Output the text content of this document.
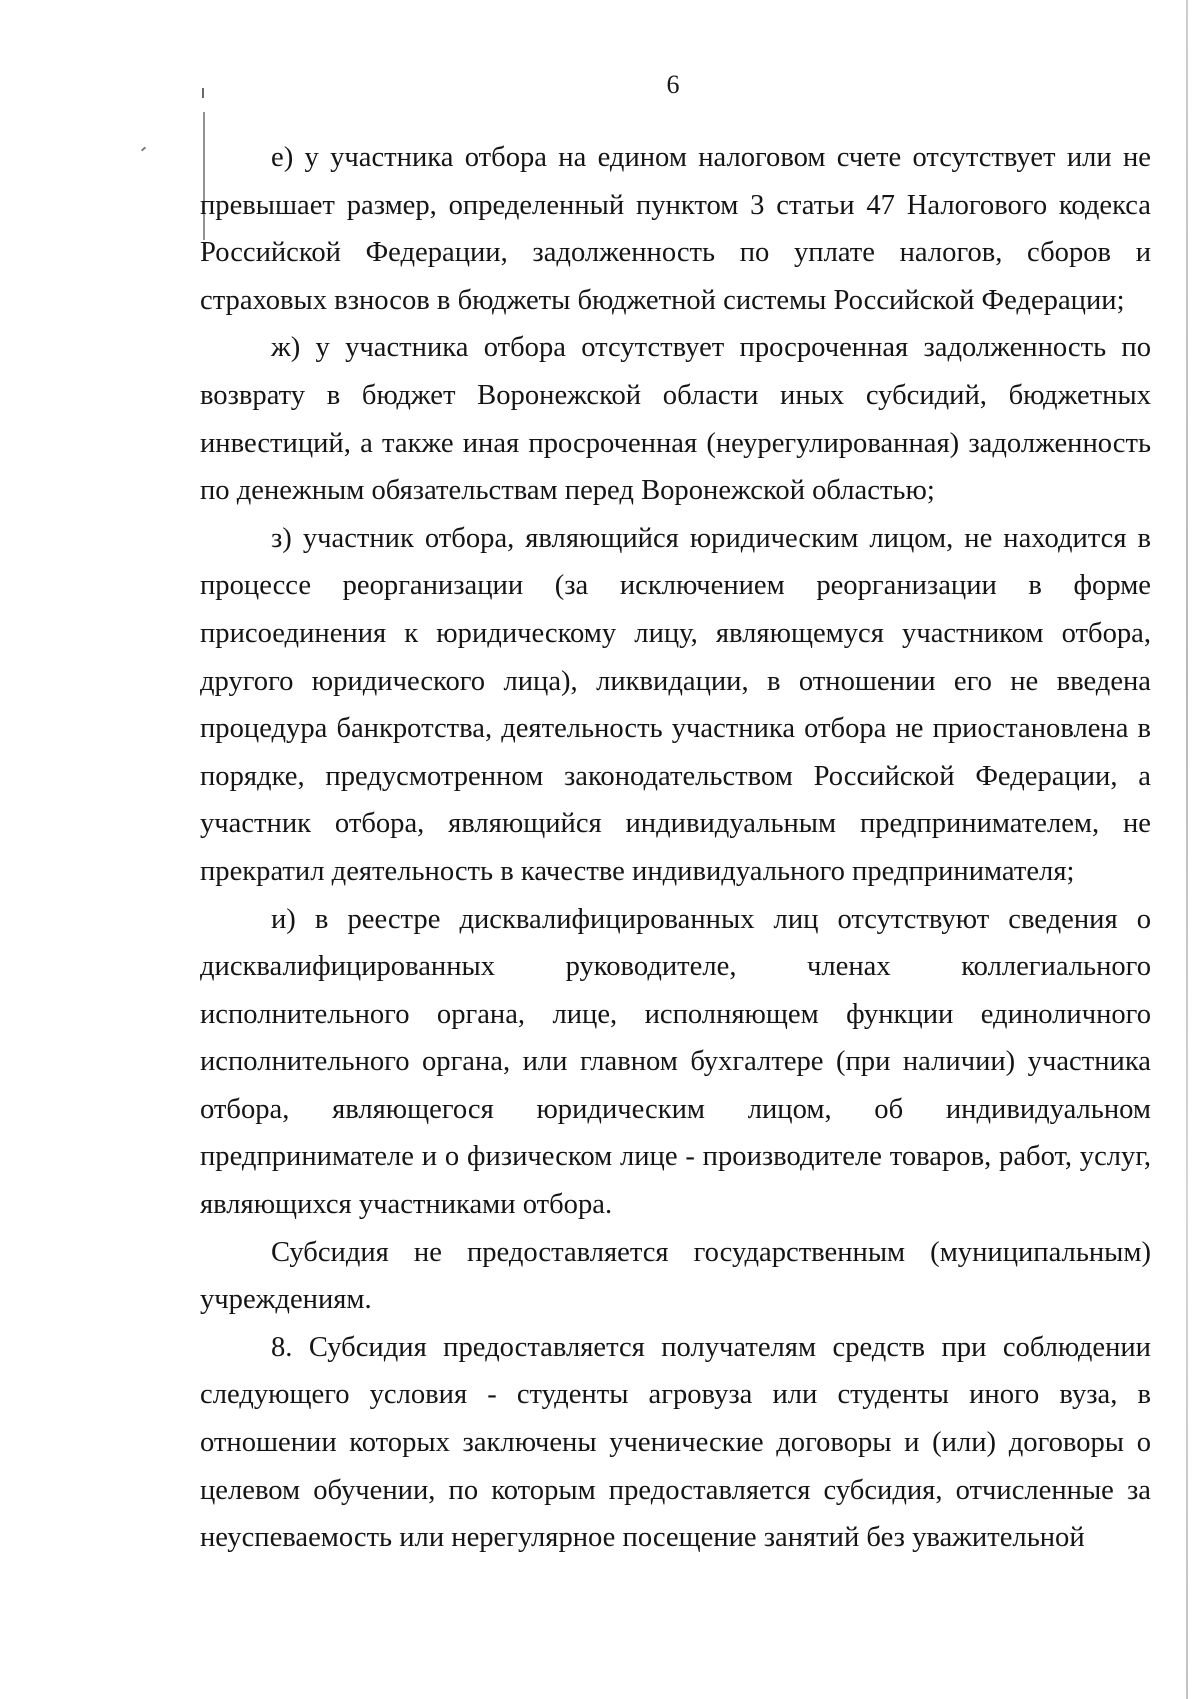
6

е) у участника отбора на едином налоговом счете отсутствует или не превышает размер, определенный пунктом 3 статьи 47 Налогового кодекса Российской Федерации, задолженность по уплате налогов, сборов и страховых взносов в бюджеты бюджетной системы Российской Федерации;

ж) у участника отбора отсутствует просроченная задолженность по возврату в бюджет Воронежской области иных субсидий, бюджетных инвестиций, а также иная просроченная (неурегулированная) задолженность по денежным обязательствам перед Воронежской областью;

з) участник отбора, являющийся юридическим лицом, не находится в процессе реорганизации (за исключением реорганизации в форме присоединения к юридическому лицу, являющемуся участником отбора, другого юридического лица), ликвидации, в отношении его не введена процедура банкротства, деятельность участника отбора не приостановлена в порядке, предусмотренном законодательством Российской Федерации, а участник отбора, являющийся индивидуальным предпринимателем, не прекратил деятельность в качестве индивидуального предпринимателя;

и) в реестре дисквалифицированных лиц отсутствуют сведения о дисквалифицированных руководителе, членах коллегиального исполнительного органа, лице, исполняющем функции единоличного исполнительного органа, или главном бухгалтере (при наличии) участника отбора, являющегося юридическим лицом, об индивидуальном предпринимателе и о физическом лице - производителе товаров, работ, услуг, являющихся участниками отбора.

Субсидия не предоставляется государственным (муниципальным) учреждениям.

8. Субсидия предоставляется получателям средств при соблюдении следующего условия - студенты агровуза или студенты иного вуза, в отношении которых заключены ученические договоры и (или) договоры о целевом обучении, по которым предоставляется субсидия, отчисленные за неуспеваемость или нерегулярное посещение занятий без уважительной
